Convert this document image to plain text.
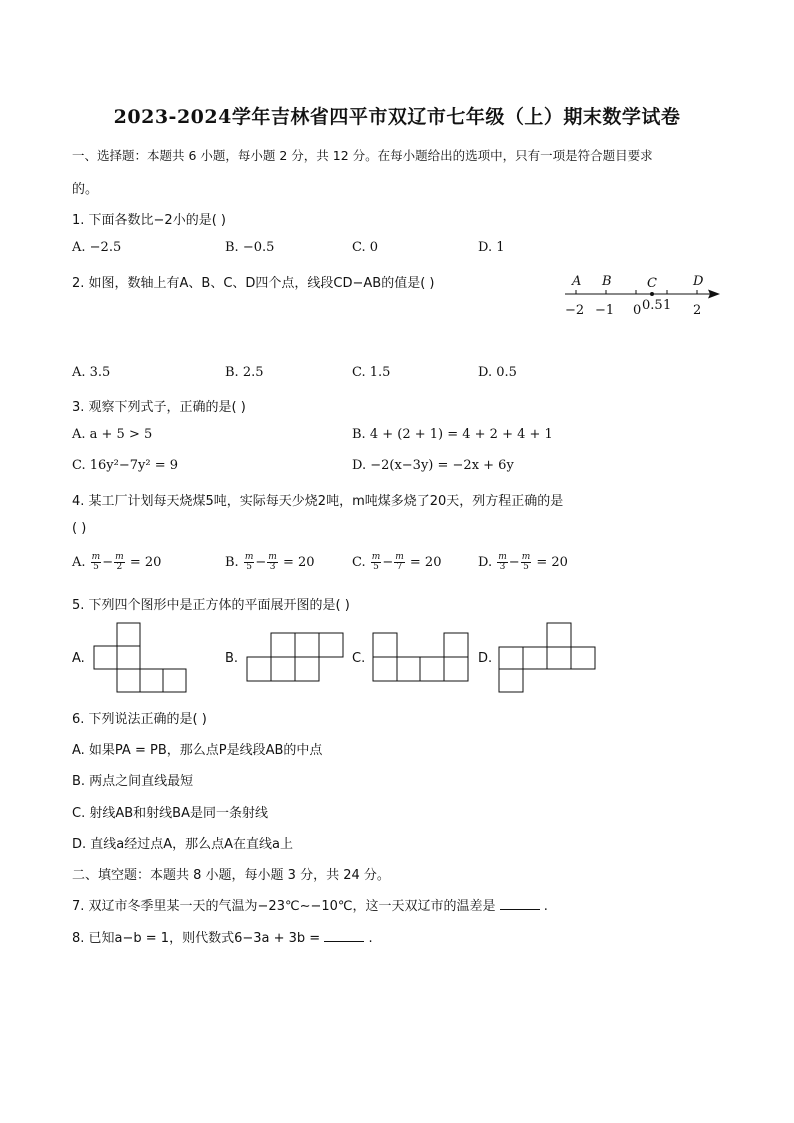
2023-2024学年吉林省四平市双辽市七年级（上）期末数学试卷
一、选择题：本题共 6 小题，每小题 2 分，共 12 分。在每小题给出的选项中，只有一项是符合题目要求
的。
1. 下面各数比−2小的是( )
A. −2.5	B. −0.5	C. 0	D. 1
2. 如图，数轴上有A、B、C、D四个点，线段CD−AB的值是( )	A B	C	D
−2 −1 0 0.5 1 2
A. 3.5	B. 2.5	C. 1.5	D. 0.5
3. 观察下列式子，正确的是( )
A. a + 5 > 5	B. 4 + (2 + 1) = 4 + 2 + 4 + 1
C. 16y²−7y² = 9	D. −2(x−3y) = −2x + 6y
4. 某工厂计划每天烧煤5吨，实际每天少烧2吨，m吨煤多烧了20天，列方程正确的是
( )
A. $\frac{m}{5} - \frac{m}{2} = 20$	B. $\frac{m}{5} - \frac{m}{3} = 20$	C. $\frac{m}{5} - \frac{m}{7} = 20$	D. $\frac{m}{3} - \frac{m}{5} = 20$
5. 下列四个图形中是正方体的平面展开图的是( )
A.	B.	C.	D.
6. 下列说法正确的是( )
A. 如果PA = PB，那么点P是线段AB的中点
B. 两点之间直线最短
C. 射线AB和射线BA是同一条射线
D. 直线a经过点A，那么点A在直线a上
二、填空题：本题共 8 小题，每小题 3 分，共 24 分。
7. 双辽市冬季里某一天的气温为−23℃∼−10℃，这一天双辽市的温差是	.
8. 已知a−b = 1，则代数式6−3a + 3b =	.
